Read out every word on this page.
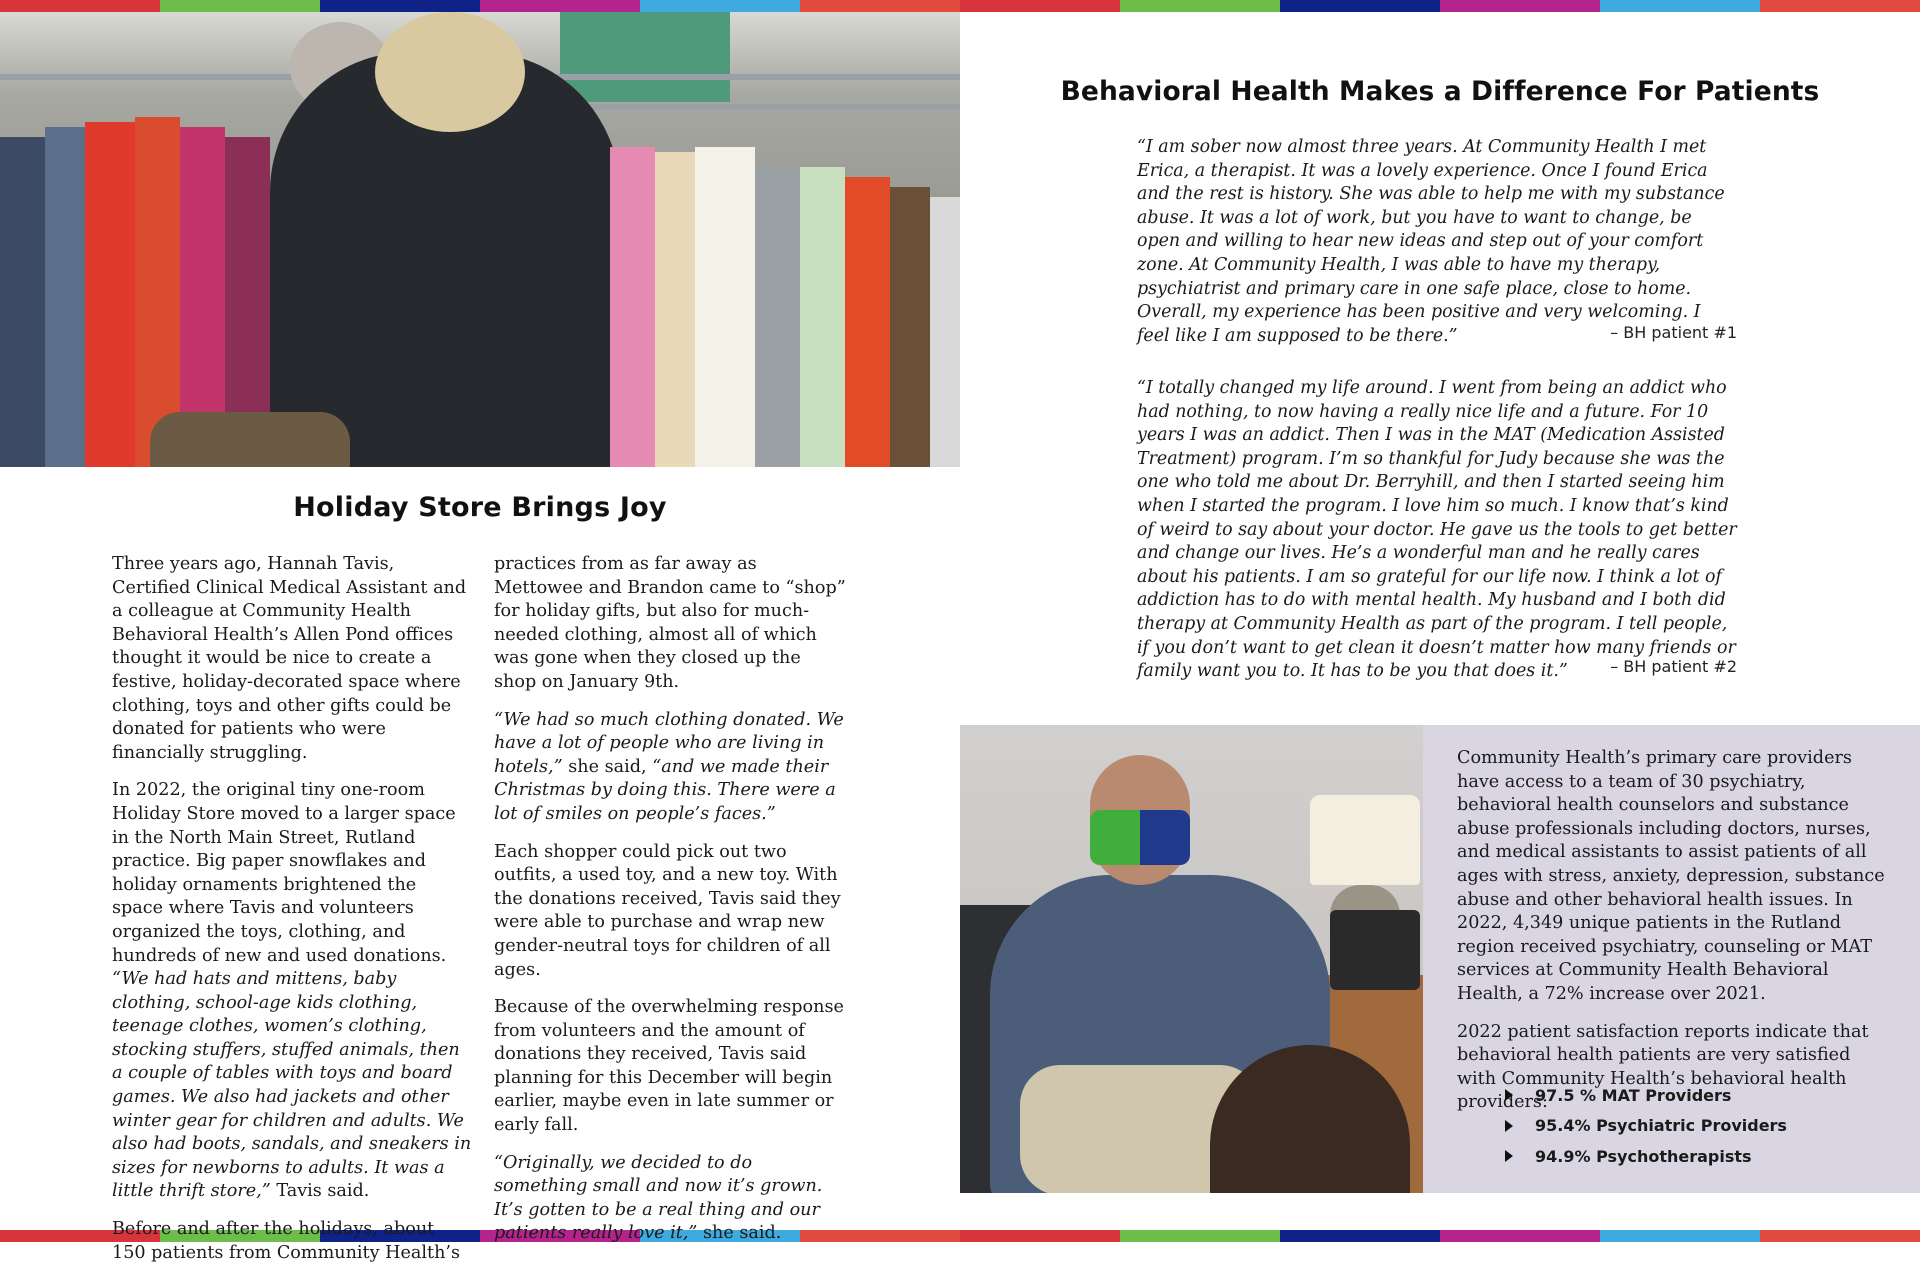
Holiday Store Brings Joy

Three years ago, Hannah Tavis, Certified Clinical Medical Assistant and a colleague at Community Health Behavioral Health’s Allen Pond offices thought it would be nice to create a festive, holiday-decorated space where clothing, toys and other gifts could be donated for patients who were financially struggling.

In 2022, the original tiny one-room Holiday Store moved to a larger space in the North Main Street, Rutland practice. Big paper snowflakes and holiday ornaments brightened the space where Tavis and volunteers organized the toys, clothing, and hundreds of new and used donations. “We had hats and mittens, baby clothing, school-age kids clothing, teenage clothes, women’s clothing, stocking stuffers, stuffed animals, then a couple of tables with toys and board games. We also had jackets and other winter gear for children and adults. We also had boots, sandals, and sneakers in sizes for newborns to adults. It was a little thrift store,” Tavis said.

Before and after the holidays, about 150 patients from Community Health’s

practices from as far away as Mettowee and Brandon came to “shop” for holiday gifts, but also for much-needed clothing, almost all of which was gone when they closed up the shop on January 9th.

“We had so much clothing donated. We have a lot of people who are living in hotels,” she said, “and we made their Christmas by doing this. There were a lot of smiles on people’s faces.”

Each shopper could pick out two outfits, a used toy, and a new toy. With the donations received, Tavis said they were able to purchase and wrap new gender-neutral toys for children of all ages.

Because of the overwhelming response from volunteers and the amount of donations they received, Tavis said planning for this December will begin earlier, maybe even in late summer or early fall.

“Originally, we decided to do something small and now it’s grown. It’s gotten to be a real thing and our patients really love it,” she said.

Behavioral Health Makes a Difference For Patients
“I am sober now almost three years. At Community Health I met Erica, a therapist. It was a lovely experience. Once I found Erica and the rest is history. She was able to help me with my substance abuse. It was a lot of work, but you have to want to change, be open and willing to hear new ideas and step out of your comfort zone. At Community Health, I was able to have my therapy, psychiatrist and primary care in one safe place, close to home. Overall, my experience has been positive and very welcoming. I feel like I am supposed to be there.”	– BH patient #1
“I totally changed my life around. I went from being an addict who had nothing, to now having a really nice life and a future. For 10 years I was an addict. Then I was in the MAT (Medication Assisted Treatment) program. I’m so thankful for Judy because she was the one who told me about Dr. Berryhill, and then I started seeing him when I started the program. I love him so much. I know that’s kind of weird to say about your doctor. He gave us the tools to get better and change our lives. He’s a wonderful man and he really cares about his patients. I am so grateful for our life now. I think a lot of addiction has to do with mental health. My husband and I both did therapy at Community Health as part of the program. I tell people, if you don’t want to get clean it doesn’t matter how many friends or family want you to. It has to be you that does it.”	– BH patient #2

Community Health’s primary care providers have access to a team of 30 psychiatry, behavioral health counselors and substance abuse professionals including doctors, nurses, and medical assistants to assist patients of all ages with stress, anxiety, depression, substance abuse and other behavioral health issues. In 2022, 4,349 unique patients in the Rutland region received psychiatry, counseling or MAT services at Community Health Behavioral Health, a 72% increase over 2021.

2022 patient satisfaction reports indicate that behavioral health patients are very satisfied with Community Health’s behavioral health providers:

97.5 % MAT Providers
95.4% Psychiatric Providers
94.9% Psychotherapists
